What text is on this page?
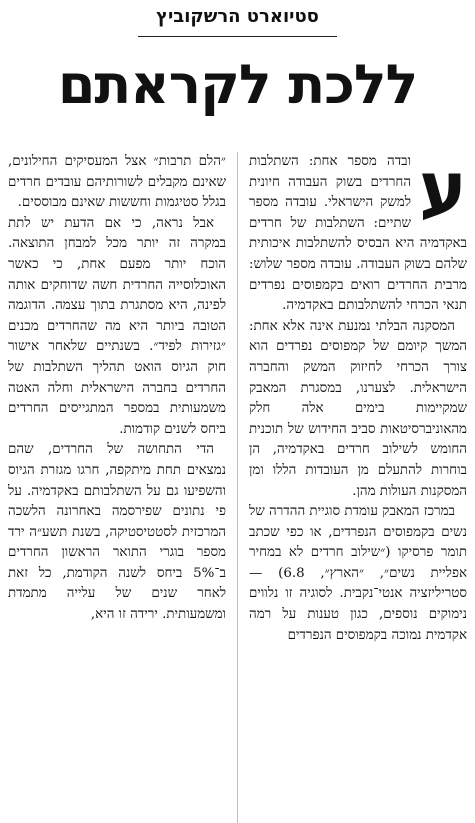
סטיוארט הרשקוביץ
ללכת לקראתם
ע

ובדה מספר אחת: השתלבות החרדים בשוק העבודה חיונית למשק הישראלי. עובדה מספר שתיים: השתלבות של חרדים באקדמיה היא הבסיס להשתלבות איכותית שלהם בשוק העבודה. עובדה מספר שלוש: מרבית החרדים רואים בקמפוסים נפרדים תנאי הכרחי להשתלבותם באקדמיה.

המסקנה הבלתי נמנעת אינה אלא אחת: המשך קיומם של קמפוסים נפרדים הוא צורך הכרחי לחיזוק המשק והחברה הישראלית. לצערנו, במסגרת המאבק שמקיימות בימים אלה חלק מהאוניברסיטאות סביב החידוש של תוכנית החומש לשילוב חרדים באקדמיה, הן בוחרות להתעלם מן העובדות הללו ומן המסקנות העולות מהן.

במרכז המאבק עומדת סוגיית ההדרה של נשים בקמפוסים הנפרדים, או כפי שכתב תומר פרסיקו (״שילוב חרדים לא במחיר אפליית נשים״, ״הארץ״, 6.8) — סטריליזציה אנטי־נקבית. לסוגיה זו נלווים נימוקים נוספים, כגון טענות על רמה אקדמית נמוכה בקמפוסים הנפרדים

״הלם תרבות״ אצל המעסיקים החילונים, שאינם מקבלים לשורותיהם עובדים חרדים בגלל סטיגמות וחששות שאינם מבוססים.

אבל נראה, כי אם הדעת יש לתת במקרה זה יותר מכל למבחן התוצאה. הוכח יותר מפעם אחת, כי כאשר האוכלוסייה החרדית חשה שדוחקים אותה לפינה, היא מסתגרת בתוך עצמה. הדוגמה הטובה ביותר היא מה שהחרדים מכנים ״גזירות לפיד״. בשנתיים שלאחר אישור חוק הגיוס הואט תהליך השתלבות של החרדים בחברה הישראלית וחלה האטה משמעותית במספר המתגייסים החרדים ביחס לשנים קודמות.

הדי התחושה של החרדים, שהם נמצאים תחת מיתקפה, חרגו מגזרת הגיוס והשפיעו גם על השתלבותם באקדמיה. על פי נתונים שפירסמה באחרונה הלשכה המרכזית לסטטיסטיקה, בשנת תשע״ה ירד מספר בוגרי התואר הראשון החרדים ב־5% ביחס לשנה הקודמת, כל זאת לאחר שנים של עלייה מתמדת ומשמעותית. ירידה זו היא,
